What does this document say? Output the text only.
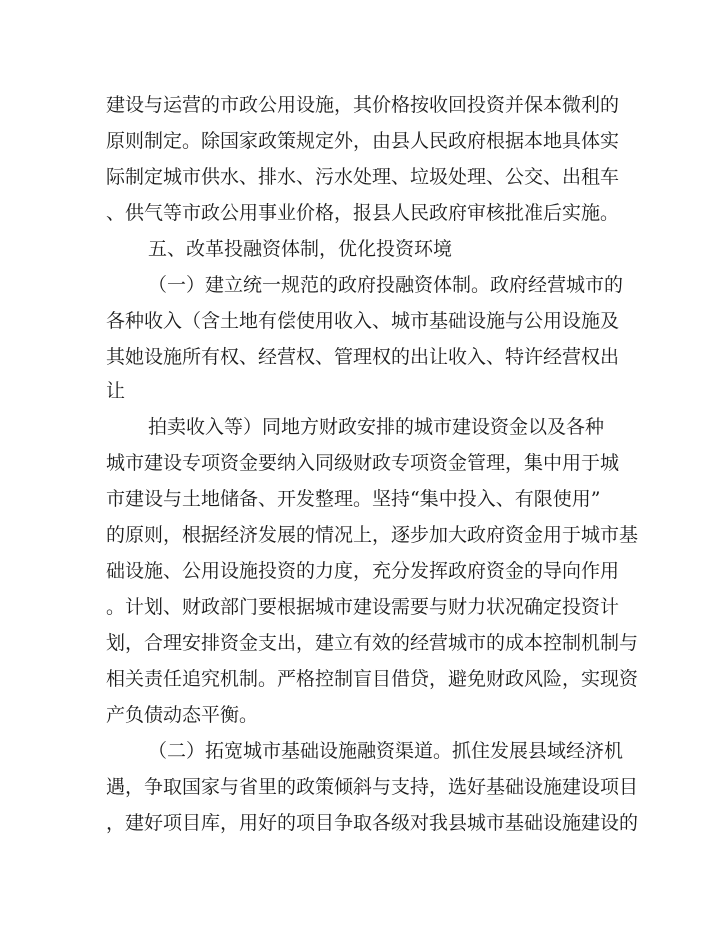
建设与运营的市政公用设施，其价格按收回投资并保本微利的
原则制定。除国家政策规定外，由县人民政府根据本地具体实
际制定城市供水、排水、污水处理、垃圾处理、公交、出租车
、供气等市政公用事业价格，报县人民政府审核批准后实施。
五、改革投融资体制，优化投资环境
（一）建立统一规范的政府投融资体制。政府经营城市的
各种收入（含土地有偿使用收入、城市基础设施与公用设施及
其她设施所有权、经营权、管理权的出让收入、特许经营权出
让
拍卖收入等）同地方财政安排的城市建设资金以及各种
城市建设专项资金要纳入同级财政专项资金管理，集中用于城
市建设与土地储备、开发整理。坚持“集中投入、有限使用”
的原则，根据经济发展的情况上，逐步加大政府资金用于城市基
础设施、公用设施投资的力度，充分发挥政府资金的导向作用
。计划、财政部门要根据城市建设需要与财力状况确定投资计
划，合理安排资金支出，建立有效的经营城市的成本控制机制与
相关责任追究机制。严格控制盲目借贷，避免财政风险，实现资
产负债动态平衡。
（二）拓宽城市基础设施融资渠道。抓住发展县域经济机
遇，争取国家与省里的政策倾斜与支持，选好基础设施建设项目
，建好项目库，用好的项目争取各级对我县城市基础设施建设的
